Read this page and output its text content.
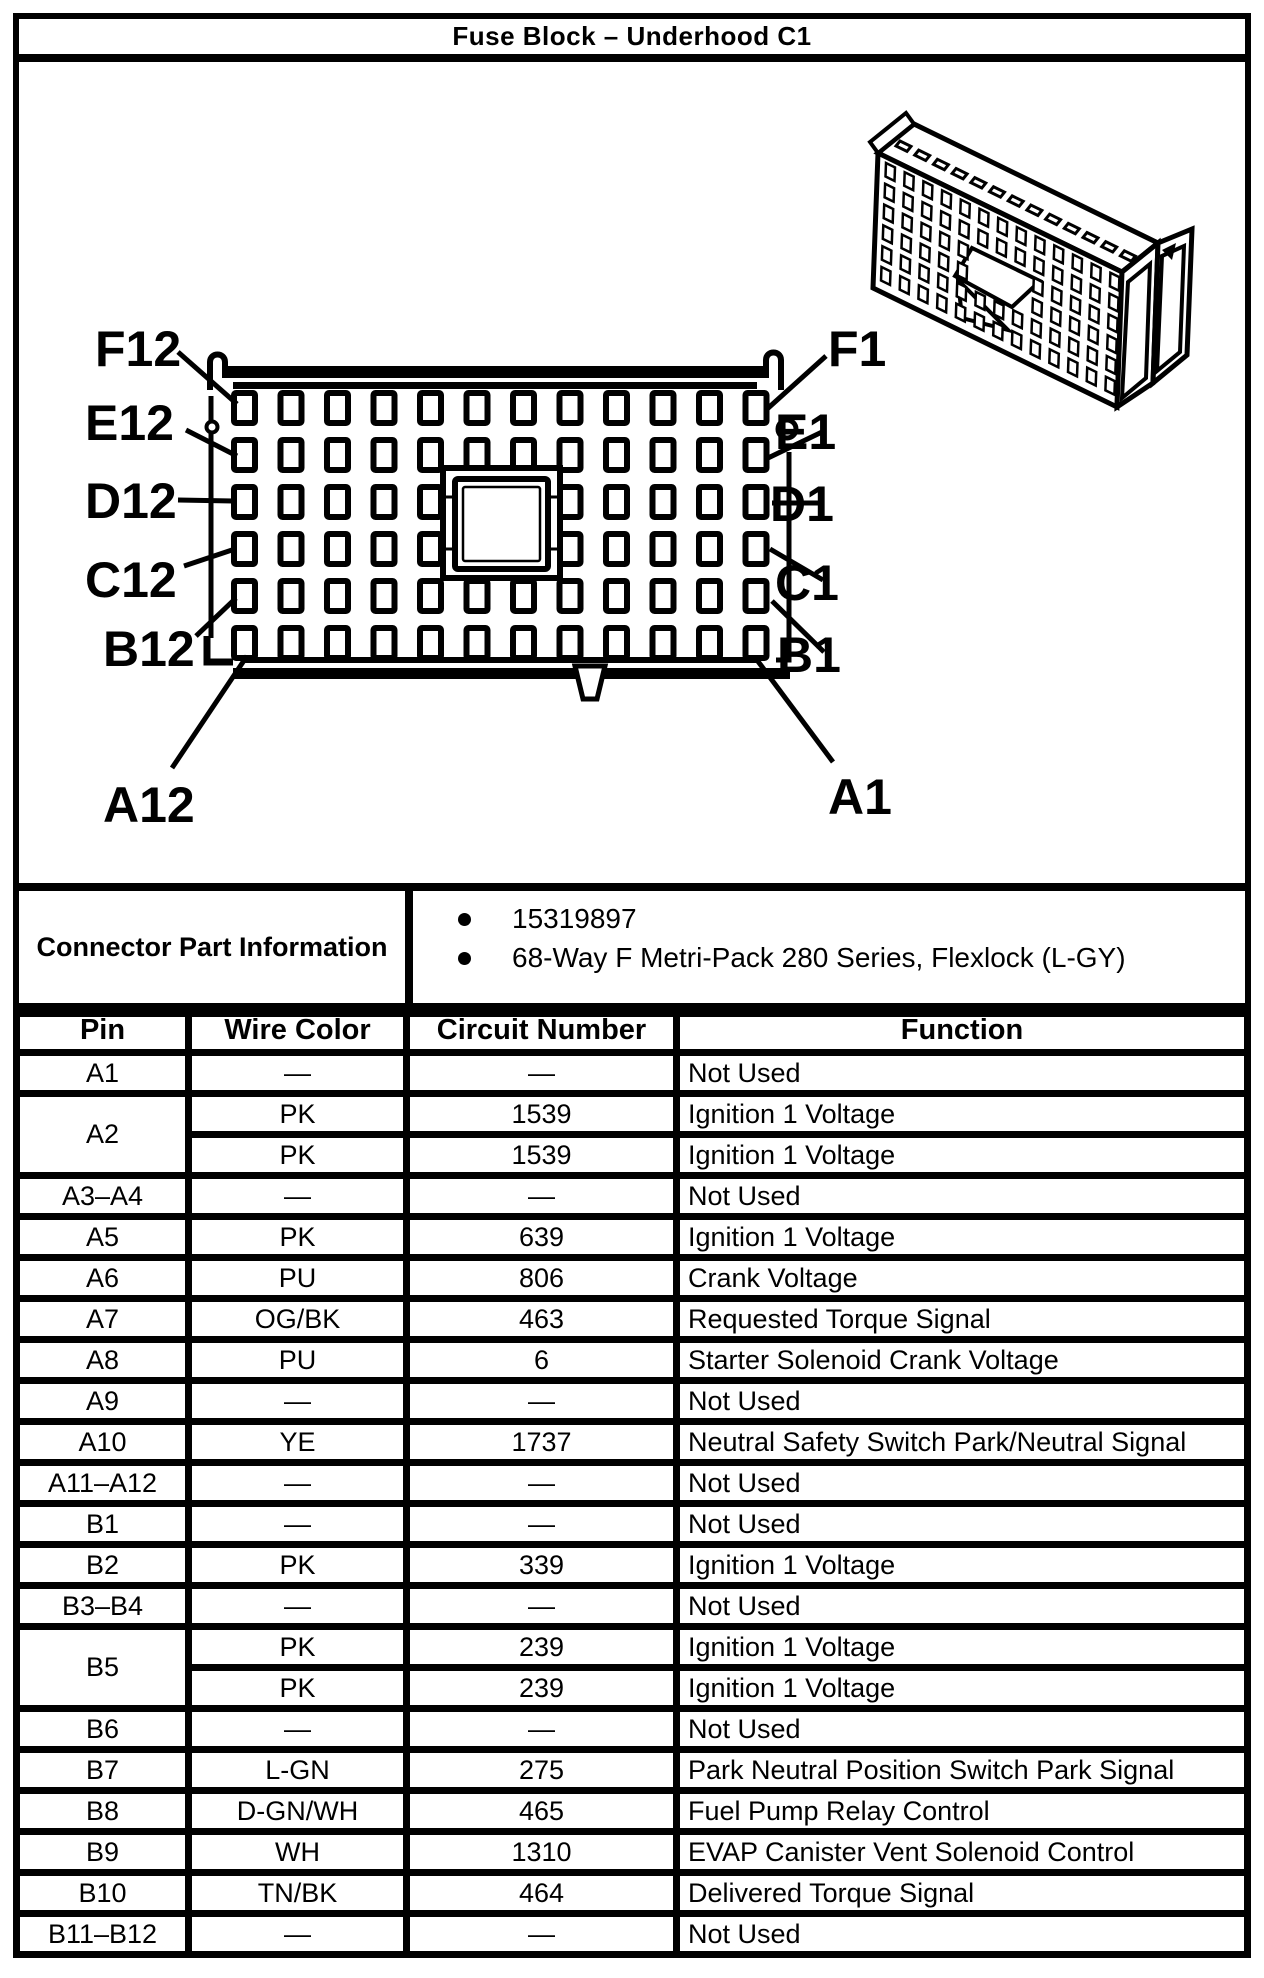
Fuse Block – Underhood C1
F12
E12
D12
C12
B12
A12
F1
E1
D1
C1
B1
A1
Connector Part Information
15319897
68-Way F Metri-Pack 280 Series, Flexlock (L-GY)
Pin	Wire Color	Circuit Number	Function
A1	—	—	Not Used
A2	PK	1539	Ignition 1 Voltage
	PK	1539	Ignition 1 Voltage
A3–A4	—	—	Not Used
A5	PK	639	Ignition 1 Voltage
A6	PU	806	Crank Voltage
A7	OG/BK	463	Requested Torque Signal
A8	PU	6	Starter Solenoid Crank Voltage
A9	—	—	Not Used
A10	YE	1737	Neutral Safety Switch Park/Neutral Signal
A11–A12	—	—	Not Used
B1	—	—	Not Used
B2	PK	339	Ignition 1 Voltage
B3–B4	—	—	Not Used
B5	PK	239	Ignition 1 Voltage
	PK	239	Ignition 1 Voltage
B6	—	—	Not Used
B7	L-GN	275	Park Neutral Position Switch Park Signal
B8	D-GN/WH	465	Fuel Pump Relay Control
B9	WH	1310	EVAP Canister Vent Solenoid Control
B10	TN/BK	464	Delivered Torque Signal
B11–B12	—	—	Not Used
